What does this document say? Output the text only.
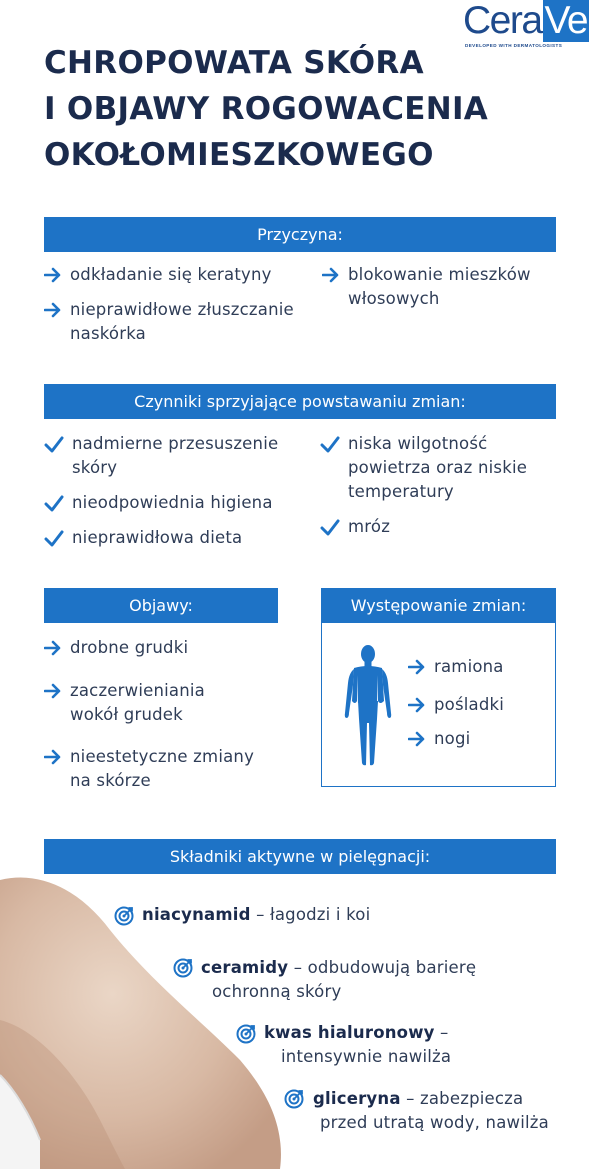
Cera Ve
DEVELOPED WITH DERMATOLOGISTS
CHROPOWATA SKÓRA
I OBJAWY ROGOWACENIA
OKOŁOMIESZKOWEGO
Przyczyna:
odkładanie się keratyny
nieprawidłowe złuszczanie
naskórka
blokowanie mieszków
włosowych
Czynniki sprzyjające powstawaniu zmian:
nadmierne przesuszenie
skóry
nieodpowiednia higiena
nieprawidłowa dieta
niska wilgotność
powietrza oraz niskie
temperatury
mróz
Objawy:
drobne grudki
zaczerwieniania
wokół grudek
nieestetyczne zmiany
na skórze
Występowanie zmian:
ramiona
pośladki
nogi
Składniki aktywne w pielęgnacji:
niacynamid – łagodzi i koi
ceramidy – odbudowują barierę
ochronną skóry
kwas hialuronowy –
intensywnie nawilża
gliceryna – zabezpiecza
przed utratą wody, nawilża
